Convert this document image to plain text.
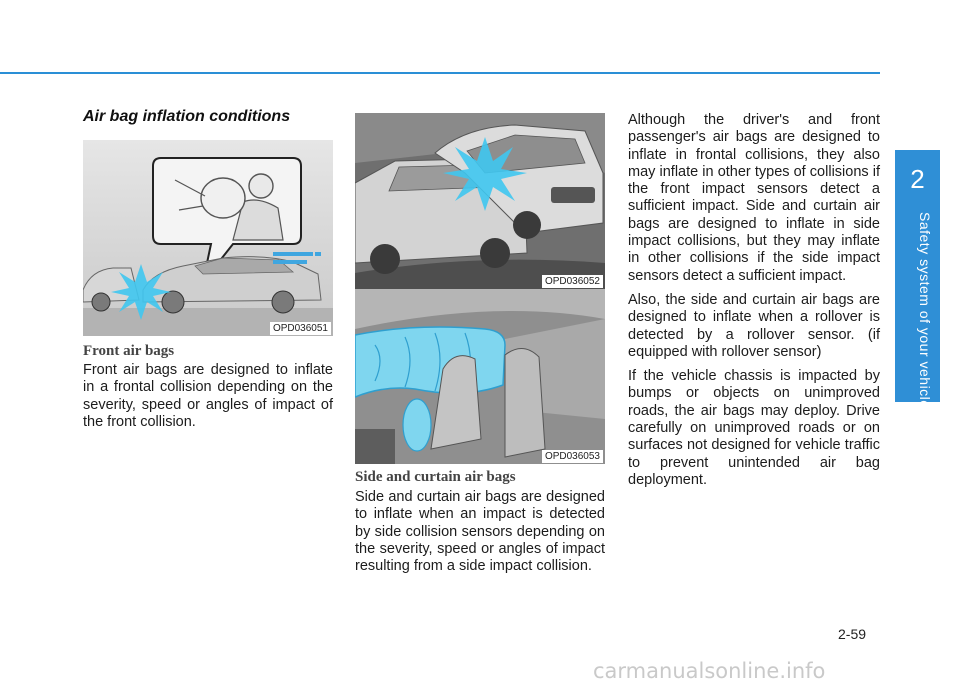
2
Safety system of your vehicle
Air bag inflation conditions
OPD036051
Front air bags

Front air bags are designed to inflate in a frontal collision depending on the severity, speed or angles of impact of the front collision.

OPD036052
OPD036053
Side and curtain air bags

Side and curtain air bags are designed to inflate when an impact is detected by side collision sensors depending on the severity, speed or angles of impact resulting from a side impact collision.

Although the driver's and front passenger's air bags are designed to inflate in frontal collisions, they also may inflate in other types of collisions if the front impact sensors detect a sufficient impact. Side and curtain air bags are designed to inflate in side impact collisions, but they may inflate in other collisions if the side impact sensors detect a sufficient impact.

Also, the side and curtain air bags are designed to inflate when a rollover is detected by a rollover sensor. (if equipped with rollover sensor)

If the vehicle chassis is impacted by bumps or objects on unimproved roads, the air bags may deploy. Drive carefully on unimproved roads or on surfaces not designed for vehicle traffic to prevent unintended air bag deployment.

2-59
carmanualsonline.info
